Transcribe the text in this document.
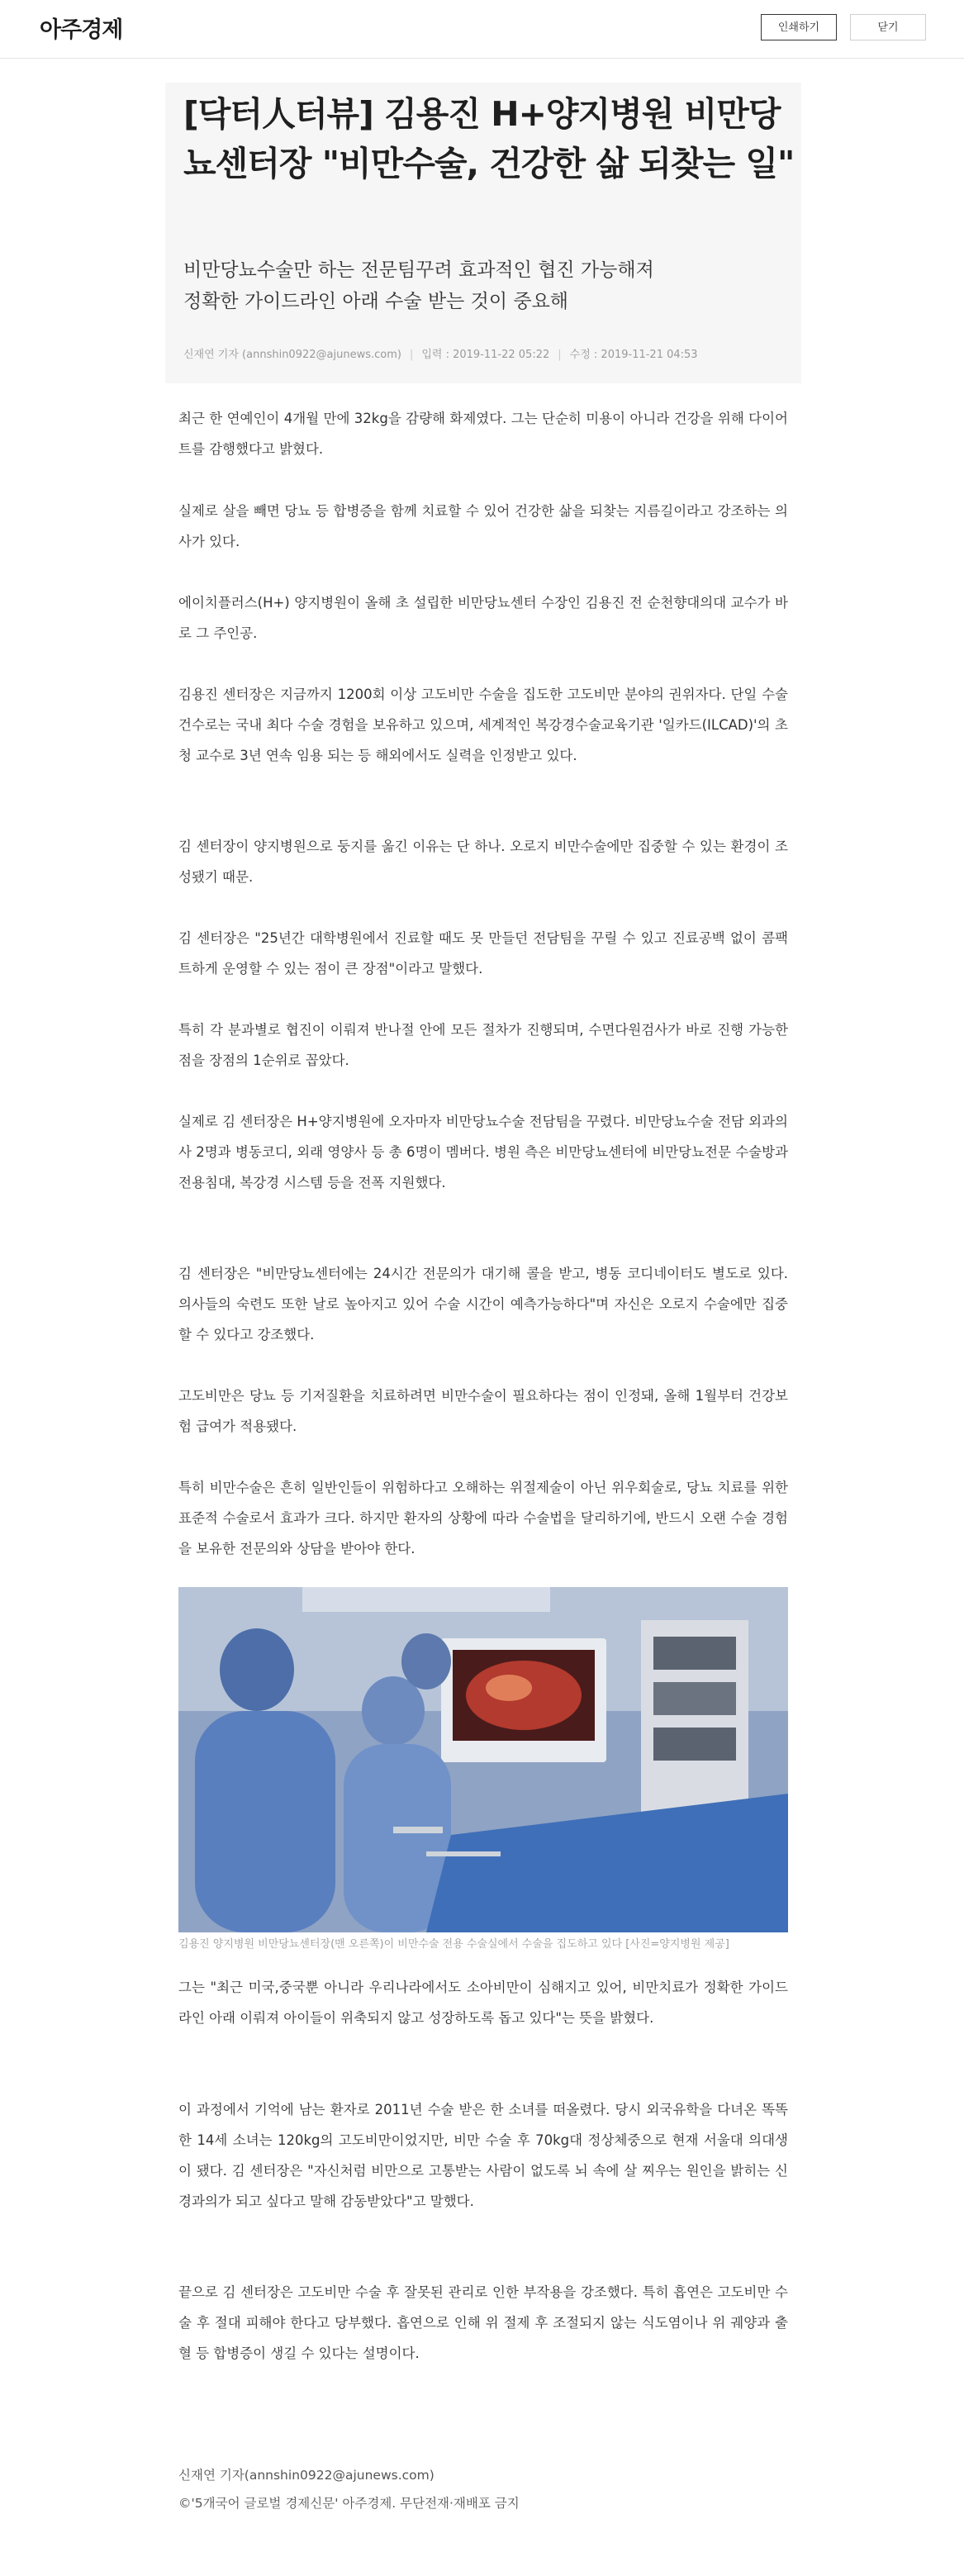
아주경제	인쇄하기	닫기
[닥터人터뷰] 김용진 H+양지병원 비만당뇨센터장 "비만수술, 건강한 삶 되찾는 일"
비만당뇨수술만 하는 전문팀꾸려 효과적인 협진 가능해져
정확한 가이드라인 아래 수술 받는 것이 중요해
신재연 기자 (annshin0922@ajunews.com) | 입력 : 2019-11-22 05:22 | 수정 : 2019-11-21 04:53

최근 한 연예인이 4개월 만에 32kg을 감량해 화제였다. 그는 단순히 미용이 아니라 건강을 위해 다이어트를 감행했다고 밝혔다.

실제로 살을 빼면 당뇨 등 합병증을 함께 치료할 수 있어 건강한 삶을 되찾는 지름길이라고 강조하는 의사가 있다.

에이치플러스(H+) 양지병원이 올해 초 설립한 비만당뇨센터 수장인 김용진 전 순천향대의대 교수가 바로 그 주인공.

김용진 센터장은 지금까지 1200회 이상 고도비만 수술을 집도한 고도비만 분야의 권위자다. 단일 수술 건수로는 국내 최다 수술 경험을 보유하고 있으며, 세계적인 복강경수술교육기관 '일카드(ILCAD)'의 초청 교수로 3년 연속 임용 되는 등 해외에서도 실력을 인정받고 있다.

김 센터장이 양지병원으로 둥지를 옮긴 이유는 단 하나. 오로지 비만수술에만 집중할 수 있는 환경이 조성됐기 때문.

김 센터장은 "25년간 대학병원에서 진료할 때도 못 만들던 전담팀을 꾸릴 수 있고 진료공백 없이 콤팩트하게 운영할 수 있는 점이 큰 장점"이라고 말했다.

특히 각 분과별로 협진이 이뤄져 반나절 안에 모든 절차가 진행되며, 수면다원검사가 바로 진행 가능한 점을 장점의 1순위로 꼽았다.

실제로 김 센터장은 H+양지병원에 오자마자 비만당뇨수술 전담팀을 꾸렸다. 비만당뇨수술 전담 외과의사 2명과 병동코디, 외래 영양사 등 총 6명이 멤버다. 병원 측은 비만당뇨센터에 비만당뇨전문 수술방과 전용침대, 복강경 시스템 등을 전폭 지원했다.

김 센터장은 "비만당뇨센터에는 24시간 전문의가 대기해 콜을 받고, 병동 코디네이터도 별도로 있다. 의사들의 숙련도 또한 날로 높아지고 있어 수술 시간이 예측가능하다"며 자신은 오로지 수술에만 집중할 수 있다고 강조했다.

고도비만은 당뇨 등 기저질환을 치료하려면 비만수술이 필요하다는 점이 인정돼, 올해 1월부터 건강보험 급여가 적용됐다.

특히 비만수술은 흔히 일반인들이 위험하다고 오해하는 위절제술이 아닌 위우회술로, 당뇨 치료를 위한 표준적 수술로서 효과가 크다. 하지만 환자의 상황에 따라 수술법을 달리하기에, 반드시 오랜 수술 경험을 보유한 전문의와 상담을 받아야 한다.

김용진 양지병원 비만당뇨센터장(맨 오른쪽)이 비만수술 전용 수술실에서 수술을 집도하고 있다 [사진=양지병원 제공]

그는 "최근 미국,중국뿐 아니라 우리나라에서도 소아비만이 심해지고 있어, 비만치료가 정확한 가이드라인 아래 이뤄져 아이들이 위축되지 않고 성장하도록 돕고 있다"는 뜻을 밝혔다.

이 과정에서 기억에 남는 환자로 2011년 수술 받은 한 소녀를 떠올렸다. 당시 외국유학을 다녀온 똑똑한 14세 소녀는 120kg의 고도비만이었지만, 비만 수술 후 70kg대 정상체중으로 현재 서울대 의대생이 됐다. 김 센터장은 "자신처럼 비만으로 고통받는 사람이 없도록 뇌 속에 살 찌우는 원인을 밝히는 신경과의가 되고 싶다고 말해 감동받았다"고 말했다.

끝으로 김 센터장은 고도비만 수술 후 잘못된 관리로 인한 부작용을 강조했다. 특히 흡연은 고도비만 수술 후 절대 피해야 한다고 당부했다. 흡연으로 인해 위 절제 후 조절되지 않는 식도염이나 위 궤양과 출혈 등 합병증이 생길 수 있다는 설명이다.

신재연 기자(annshin0922@ajunews.com)

©'5개국어 글로벌 경제신문' 아주경제. 무단전재·재배포 금지
